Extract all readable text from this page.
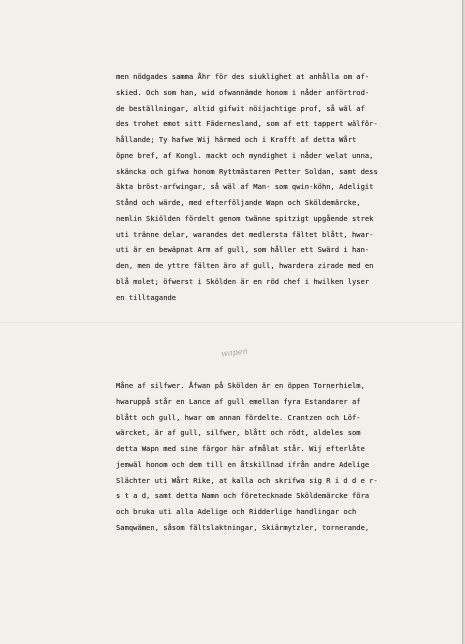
men nödgades samma Åhr för des siuklighet at anhålla om af-
skied. Och som han, wid ofwannämde honom i nåder anförtrod-
de beställningar, altid gifwit nöijachtige prof, så wäl af
des trohet emot sitt Fädernesland, som af ett tappert wälför-
hållande; Ty hafwe Wij härmed och i Krafft af detta Wårt
öpne bref, af Kongl. mackt och myndighet i nåder welat unna,
skäncka och gifwa honom Ryttmästaren Petter Soldan, samt dess
äkta bröst-arfwingar, så wäl af Man- som qwin-köhn, Adeligit
Stånd och wärde, med efterföljande Wapn och Sköldemärcke,
nemlin Skiölden fördelt genom twänne spitzigt upgående strek
uti tränne delar, warandes det medlersta fältet blått, hwar-
uti är en bewäpnat Arm af gull, som håller ett Swärd i han-
den, men de yttre fälten äro af gull, hwardera zirade med en
blå molet; öfwerst i Skölden är en röd chef i hwilken lyser
en tilltagande
wapen
Måne af silfwer. Åfwan på Skölden är en öppen Tornerhielm,
hwaruppå står en Lance af gull emellan fyra Estandarer af
blått och gull, hwar om annan fördelte. Crantzen och Löf-
wärcket, är af gull, silfwer, blått och rödt, aldeles som
detta Wapn med sine färgor här afmålat står. Wij efterlåte
jemwäl honom och dem till en åtskillnad ifrån andre Adelige
Slächter uti Wårt Rike, at kalla och skrifwa sig R i d d e r-
s t a d, samt detta Namn och företecknade Sköldemärcke föra
och bruka uti alla Adelige och Ridderlige handlingar och
Samqwämen, såsom fältslaktningar, Skiärmytzler, tornerande,
